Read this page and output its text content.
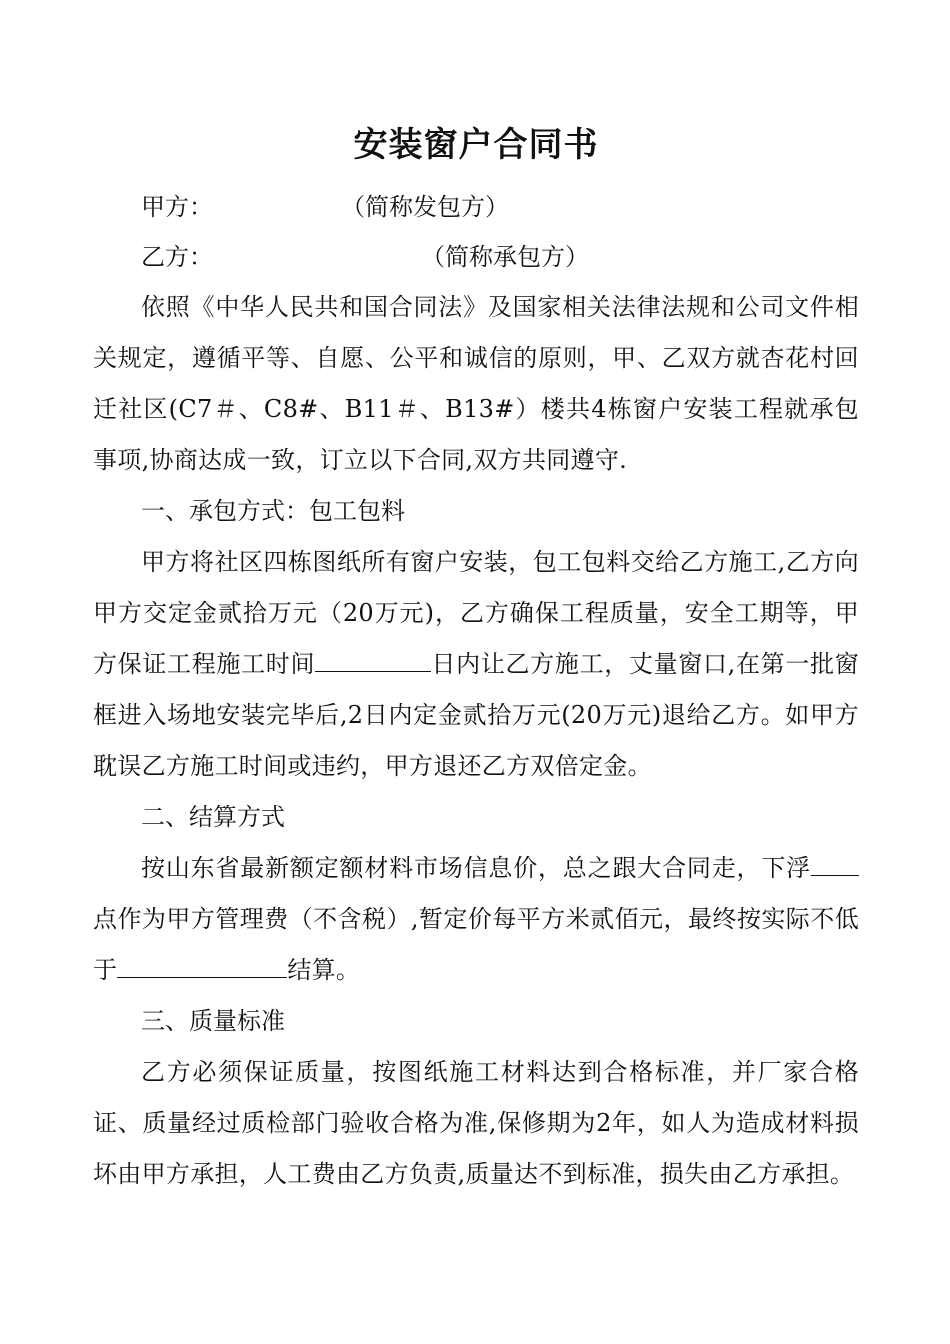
安装窗户合同书

甲方：	（简称发包方）

乙方：	（简称承包方）

依照《中华人民共和国合同法》及国家相关法律法规和公司文件相关规定，遵循平等、自愿、公平和诚信的原则，甲、乙双方就杏花村回迁社区(C7＃、C8#、B11＃、B13#）楼共4栋窗户安装工程就承包事项,协商达成一致，订立以下合同,双方共同遵守.

一、承包方式：包工包料

甲方将社区四栋图纸所有窗户安装，包工包料交给乙方施工,乙方向甲方交定金贰拾万元（20万元)，乙方确保工程质量，安全工期等，甲方保证工程施工时间	日内让乙方施工，丈量窗口,在第一批窗框进入场地安装完毕后,2日内定金贰拾万元(20万元)退给乙方。如甲方耽误乙方施工时间或违约，甲方退还乙方双倍定金。

二、结算方式

按山东省最新额定额材料市场信息价，总之跟大合同走，下浮点作为甲方管理费（不含税）,暂定价每平方米贰佰元，最终按实际不低于	结算。

三、质量标准

乙方必须保证质量，按图纸施工材料达到合格标准，并厂家合格证、质量经过质检部门验收合格为准,保修期为2年，如人为造成材料损坏由甲方承担，人工费由乙方负责,质量达不到标准，损失由乙方承担。
